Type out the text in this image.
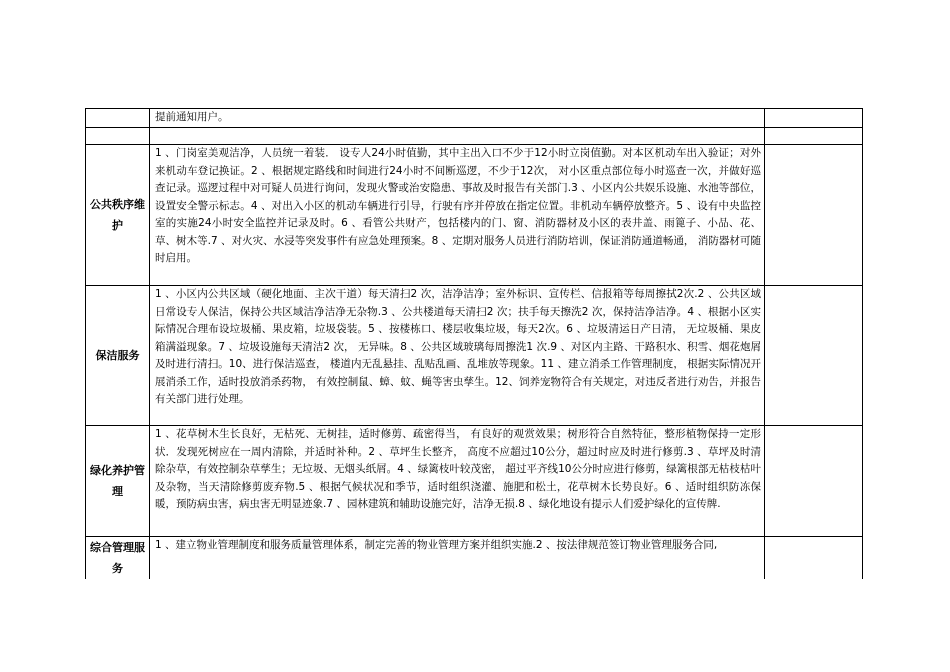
	提前通知用户。	

公共秩序维护	1 、门岗室美观洁净，人员统一着装． 设专人24小时值勤，其中主出入口不少于12小时立岗值勤。对本区机动车出入验证；对外来机动车登记换证。2 、根据规定路线和时间进行24小时不间断巡逻，不少于12次， 对小区重点部位每小时巡查一次，并做好巡查记录。巡逻过程中对可疑人员进行询问，发现火警或治安隐患、事故及时报告有关部门.3 、小区内公共娱乐设施、水池等部位，设置安全警示标志。4 、对出入小区的机动车辆进行引导，行驶有序并停放在指定位置。非机动车辆停放整齐。5 、设有中央监控室的实施24小时安全监控并记录及时。6 、看管公共财产，包括楼内的门、窗、消防器材及小区的表井盖、雨篦子、小品、花、草、树木等.7 、对火灾、水浸等突发事件有应急处理预案。8 、定期对服务人员进行消防培训，保证消防通道畅通， 消防器材可随时启用。	
保洁服务	1 、小区内公共区域（硬化地面、主次干道）每天清扫2 次，洁净洁净；室外标识、宣传栏、信报箱等每周擦拭2次.2 、公共区域日常设专人保洁，保持公共区域洁净洁净无杂物.3 、公共楼道每天清扫2 次；扶手每天擦洗2 次，保持洁净洁净。4 、根据小区实际情况合理布设垃圾桶、果皮箱，垃圾袋装。5 、按楼栋口、楼层收集垃圾，每天2次。6 、垃圾清运日产日清， 无垃圾桶、果皮箱满溢现象。7 、垃圾设施每天清洁2 次， 无异味。8 、公共区域玻璃每周擦洗1 次.9 、对区内主路、干路积水、积雪、烟花炮屑及时进行清扫。10、进行保洁巡查， 楼道内无乱悬挂、乱贴乱画、乱堆放等现象。11 、建立消杀工作管理制度， 根据实际情况开展消杀工作，适时投放消杀药物， 有效控制鼠、蟑、蚊、蝇等害虫孳生。12、饲养宠物符合有关规定，对违反者进行劝告，并报告有关部门进行处理。	
绿化养护管理	1 、花草树木生长良好，无枯死、无树挂，适时修剪、疏密得当， 有良好的观赏效果；树形符合自然特征，整形植物保持一定形状．发现死树应在一周内清除，并适时补种。2 、草坪生长整齐， 高度不应超过10公分，超过时应及时进行修剪.3 、草坪及时清除杂草，有效控制杂草孳生；无垃圾、无烟头纸屑。4 、绿篱枝叶较茂密， 超过平齐线10公分时应进行修剪，绿篱根部无枯枝枯叶及杂物，当天清除修剪废弃物.5 、根据气候状况和季节，适时组织浇灌、施肥和松土，花草树木长势良好。6 、适时组织防冻保暖，预防病虫害，病虫害无明显迹象.7 、园林建筑和辅助设施完好，洁净无损.8 、绿化地设有提示人们爱护绿化的宣传牌.	
综合管理服务	1 、建立物业管理制度和服务质量管理体系，制定完善的物业管理方案并组织实施.2 、按法律规范签订物业管理服务合同,	
